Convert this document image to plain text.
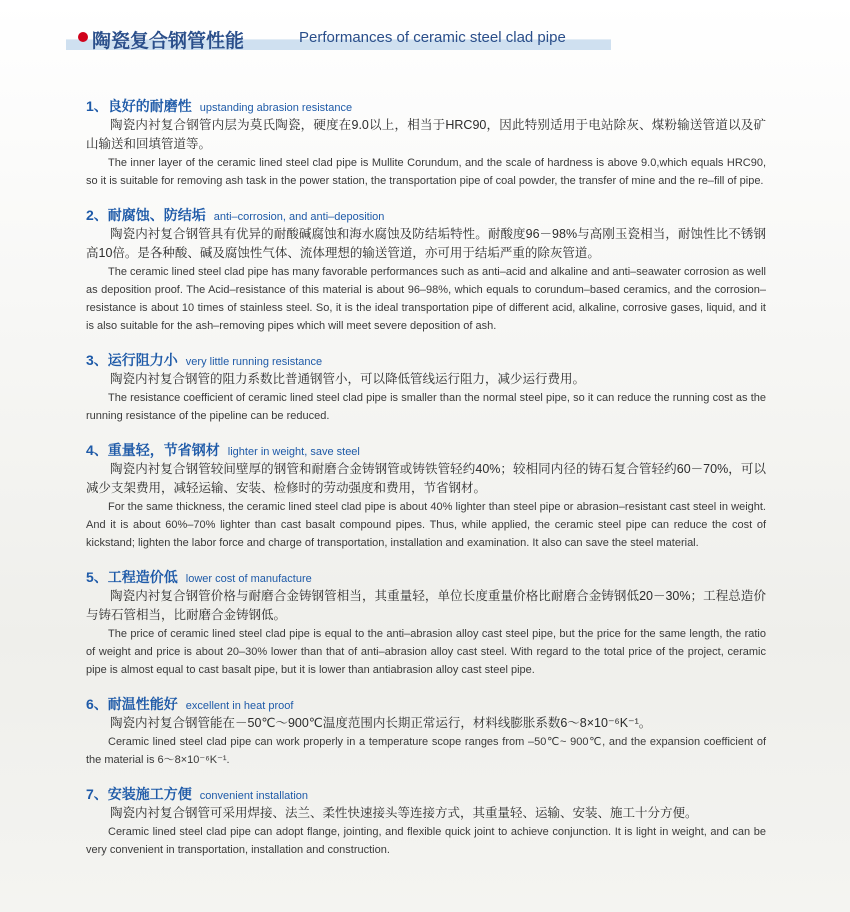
陶瓷复合钢管性能	Performances of ceramic steel clad pipe
1、良好的耐磨性 upstanding abrasion resistance

陶瓷内衬复合钢管内层为莫氏陶瓷，硬度在9.0以上，相当于HRC90，因此特别适用于电站除灰、煤粉输送管道以及矿山输送和回填管道等。

The inner layer of the ceramic lined steel clad pipe is Mullite Corundum, and the scale of hardness is above 9.0,which equals HRC90, so it is suitable for removing ash task in the power station, the transportation pipe of coal powder, the transfer of mine and the re–fill of pipe.

2、耐腐蚀、防结垢 anti–corrosion, and anti–deposition

陶瓷内衬复合钢管具有优异的耐酸碱腐蚀和海水腐蚀及防结垢特性。耐酸度96－98%与高刚玉瓷相当，耐蚀性比不锈钢高10倍。是各种酸、碱及腐蚀性气体、流体理想的输送管道，亦可用于结垢严重的除灰管道。

The ceramic lined steel clad pipe has many favorable performances such as anti–acid and alkaline and anti–seawater corrosion as well as deposition proof. The Acid–resistance of this material is about 96–98%, which equals to corundum–based ceramics, and the corrosion–resistance is about 10 times of stainless steel. So, it is the ideal transportation pipe of different acid, alkaline, corrosive gases, liquid, and it is also suitable for the ash–removing pipes which will meet severe deposition of ash.

3、运行阻力小 very little running resistance

陶瓷内衬复合钢管的阻力系数比普通钢管小，可以降低管线运行阻力，减少运行费用。

The resistance coefficient of ceramic lined steel clad pipe is smaller than the normal steel pipe, so it can reduce the running cost as the running resistance of the pipeline can be reduced.

4、重量轻，节省钢材 lighter in weight, save steel

陶瓷内衬复合钢管较间壁厚的钢管和耐磨合金铸钢管或铸铁管轻约40%；较相同内径的铸石复合管轻约60－70%，可以减少支架费用，减轻运输、安装、检修时的劳动强度和费用，节省钢材。

For the same thickness, the ceramic lined steel clad pipe is about 40% lighter than steel pipe or abrasion–resistant cast steel in weight. And it is about 60%–70% lighter than cast basalt compound pipes. Thus, while applied, the ceramic steel pipe can reduce the cost of kickstand; lighten the labor force and charge of transportation, installation and examination. It also can save the steel material.

5、工程造价低 lower cost of manufacture

陶瓷内衬复合钢管价格与耐磨合金铸钢管相当，其重量轻，单位长度重量价格比耐磨合金铸钢低20－30%；工程总造价与铸石管相当，比耐磨合金铸钢低。

The price of ceramic lined steel clad pipe is equal to the anti–abrasion alloy cast steel pipe, but the price for the same length, the ratio of weight and price is about 20–30% lower than that of anti–abrasion alloy cast steel. With regard to the total price of the project, ceramic pipe is almost equal to cast basalt pipe, but it is lower than antiabrasion alloy cast steel pipe.

6、耐温性能好 excellent in heat proof

陶瓷内衬复合钢管能在－50℃～900℃温度范围内长期正常运行，材料线膨胀系数6～8×10⁻⁶K⁻¹。

Ceramic lined steel clad pipe can work properly in a temperature scope ranges from –50℃~ 900℃, and the expansion coefficient of the material is 6～8×10⁻⁶K⁻¹.

7、安装施工方便 convenient installation

陶瓷内衬复合钢管可采用焊接、法兰、柔性快速接头等连接方式，其重量轻、运输、安装、施工十分方便。

Ceramic lined steel clad pipe can adopt flange, jointing, and flexible quick joint to achieve conjunction. It is light in weight, and can be very convenient in transportation, installation and construction.
